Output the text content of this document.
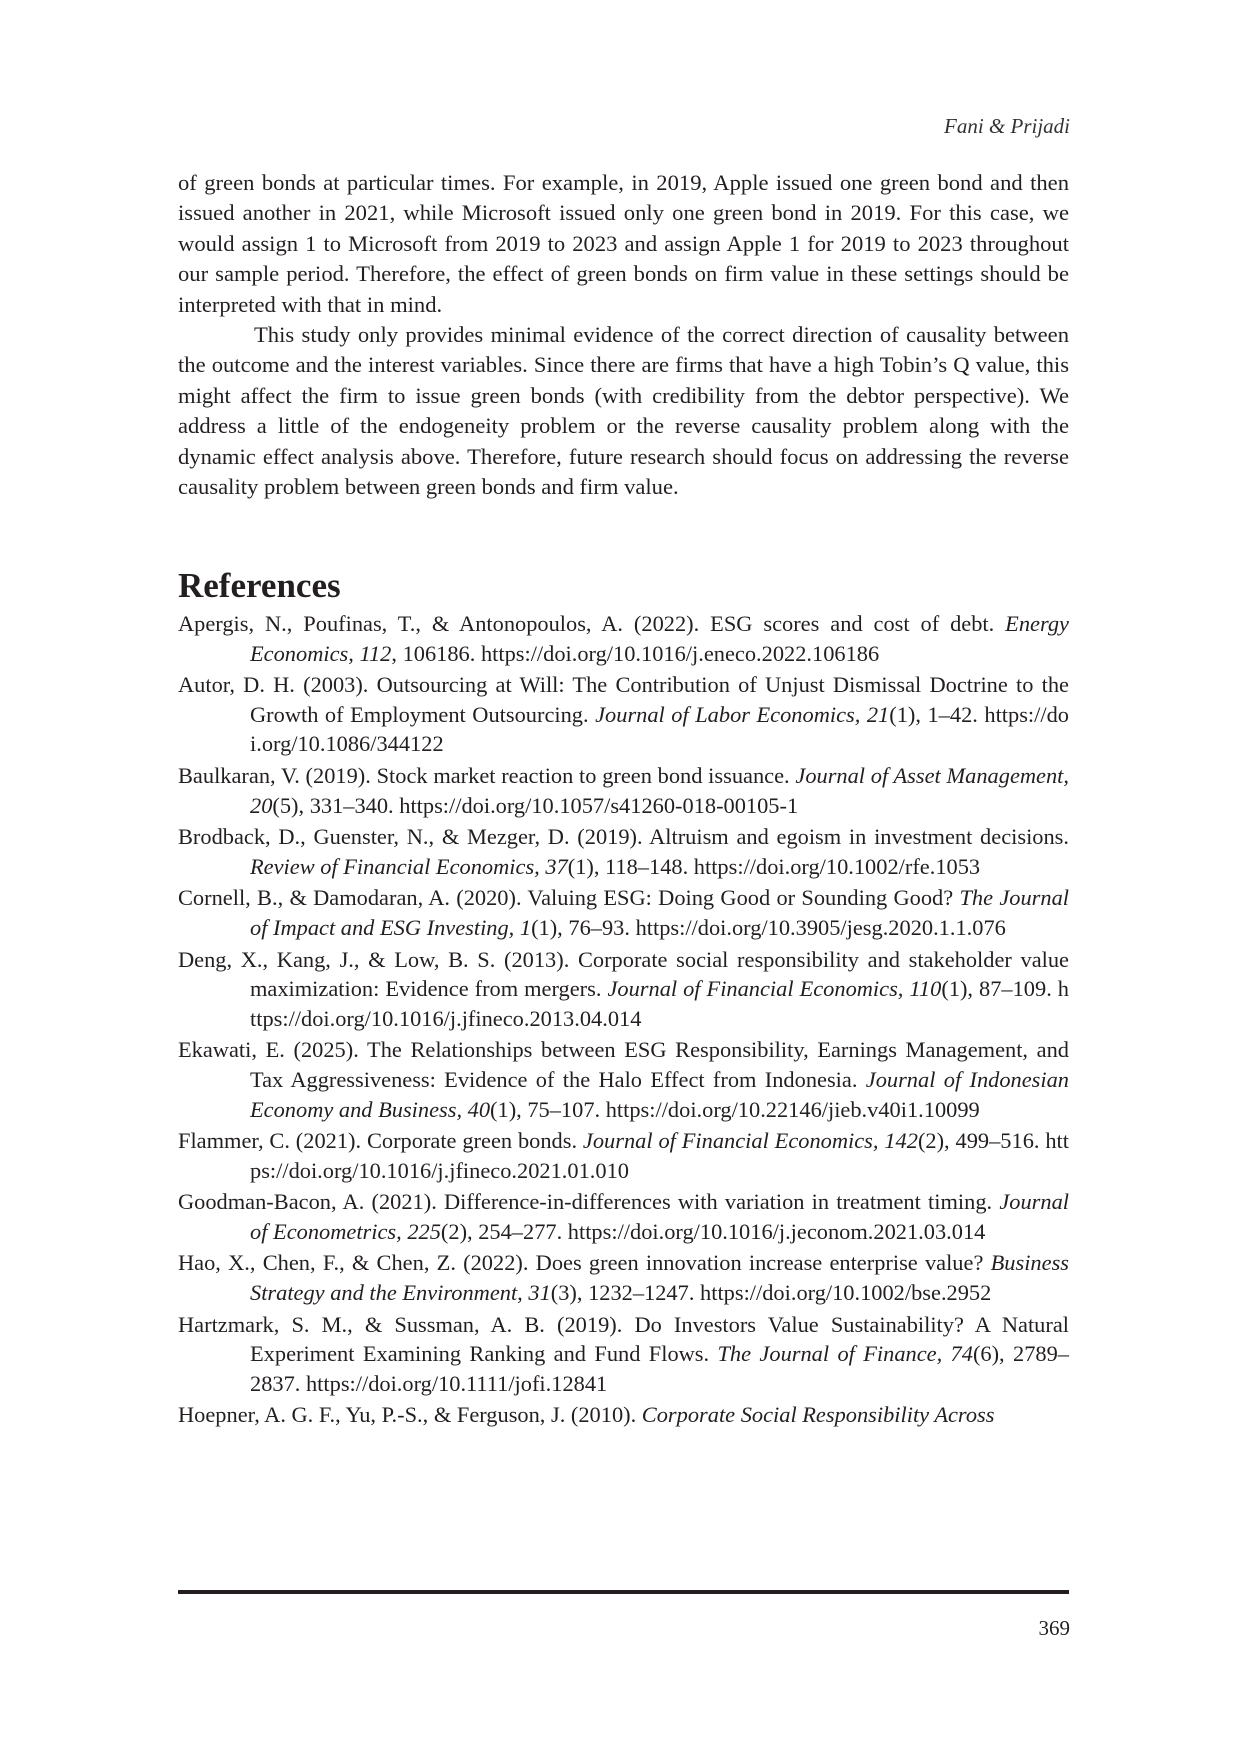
Fani & Prijadi

of green bonds at particular times. For example, in 2019, Apple issued one green bond and then issued another in 2021, while Microsoft issued only one green bond in 2019. For this case, we would assign 1 to Microsoft from 2019 to 2023 and assign Apple 1 for 2019 to 2023 throughout our sample period. Therefore, the effect of green bonds on firm value in these settings should be interpreted with that in mind.

This study only provides minimal evidence of the correct direction of causality between the outcome and the interest variables. Since there are firms that have a high Tobin’s Q value, this might affect the firm to issue green bonds (with credibility from the debtor perspective). We address a little of the endogeneity problem or the reverse causality problem along with the dynamic effect analysis above. Therefore, future research should focus on addressing the reverse causality problem between green bonds and firm value.

References
Apergis, N., Poufinas, T., & Antonopoulos, A. (2022). ESG scores and cost of debt. Energy Economics, 112, 106186. https://doi.org/10.1016/j.eneco.2022.106186
Autor, D. H. (2003). Outsourcing at Will: The Contribution of Unjust Dismissal Doctrine to the Growth of Employment Outsourcing. Journal of Labor Economics, 21(1), 1–42. https://doi.org/10.1086/344122
Baulkaran, V. (2019). Stock market reaction to green bond issuance. Journal of Asset Management, 20(5), 331–340. https://doi.org/10.1057/s41260-018-00105-1
Brodback, D., Guenster, N., & Mezger, D. (2019). Altruism and egoism in investment decisions. Review of Financial Economics, 37(1), 118–148. https://doi.org/10.1002/rfe.1053
Cornell, B., & Damodaran, A. (2020). Valuing ESG: Doing Good or Sounding Good? The Journal of Impact and ESG Investing, 1(1), 76–93. https://doi.org/10.3905/jesg.2020.1.1.076
Deng, X., Kang, J., & Low, B. S. (2013). Corporate social responsibility and stakeholder value maximization: Evidence from mergers. Journal of Financial Economics, 110(1), 87–109. https://doi.org/10.1016/j.jfineco.2013.04.014
Ekawati, E. (2025). The Relationships between ESG Responsibility, Earnings Management, and Tax Aggressiveness: Evidence of the Halo Effect from Indonesia. Journal of Indonesian Economy and Business, 40(1), 75–107. https://doi.org/10.22146/jieb.v40i1.10099
Flammer, C. (2021). Corporate green bonds. Journal of Financial Economics, 142(2), 499–516. https://doi.org/10.1016/j.jfineco.2021.01.010
Goodman-Bacon, A. (2021). Difference-in-differences with variation in treatment timing. Journal of Econometrics, 225(2), 254–277. https://doi.org/10.1016/j.jeconom.2021.03.014
Hao, X., Chen, F., & Chen, Z. (2022). Does green innovation increase enterprise value? Business Strategy and the Environment, 31(3), 1232–1247. https://doi.org/10.1002/bse.2952
Hartzmark, S. M., & Sussman, A. B. (2019). Do Investors Value Sustainability? A Natural Experiment Examining Ranking and Fund Flows. The Journal of Finance, 74(6), 2789–2837. https://doi.org/10.1111/jofi.12841
Hoepner, A. G. F., Yu, P.-S., & Ferguson, J. (2010). Corporate Social Responsibility Across
369
